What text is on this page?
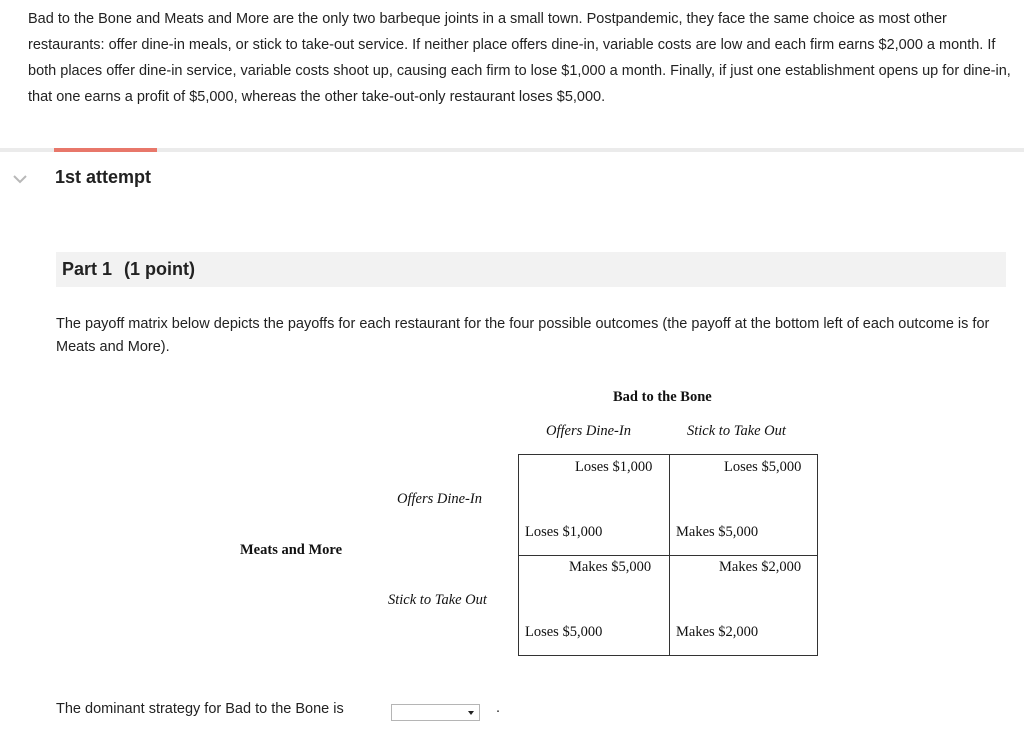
Bad to the Bone and Meats and More are the only two barbeque joints in a small town. Postpandemic, they face the same choice as most other restaurants: offer dine-in meals, or stick to take-out service. If neither place offers dine-in, variable costs are low and each firm earns $2,000 a month. If both places offer dine-in service, variable costs shoot up, causing each firm to lose $1,000 a month. Finally, if just one establishment opens up for dine-in, that one earns a profit of $5,000, whereas the other take-out-only restaurant loses $5,000.
1st attempt
Part 1 (1 point)
The payoff matrix below depicts the payoffs for each restaurant for the four possible outcomes (the payoff at the bottom left of each outcome is for Meats and More).
Bad to the Bone
Offers Dine-In	Stick to Take Out
Meats and More
Offers Dine-In
Stick to Take Out
Loses $1,000
Loses $1,000
Loses $5,000
Makes $5,000
Makes $5,000
Loses $5,000
Makes $2,000
Makes $2,000
The dominant strategy for Bad to the Bone is	.
